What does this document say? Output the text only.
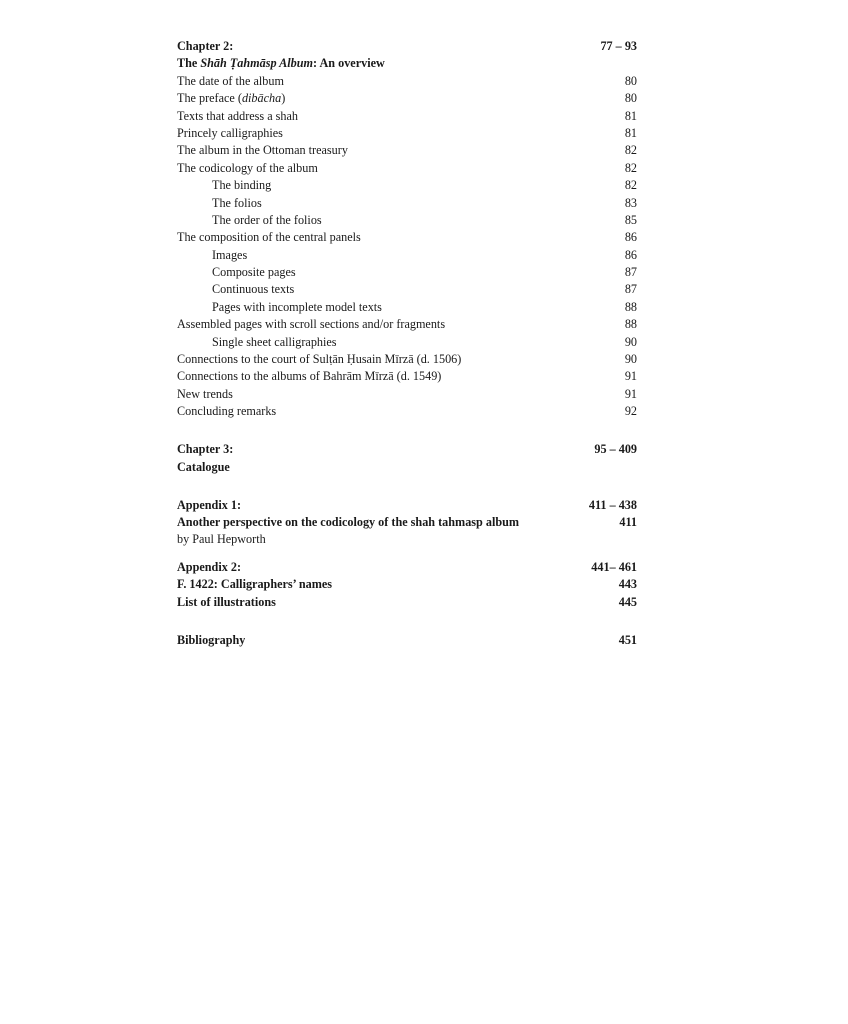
Chapter 2:	77 – 93
The Shāh Ṭahmāsp Album: An overview
The date of the album	80
The preface (dibācha)	80
Texts that address a shah	81
Princely calligraphies	81
The album in the Ottoman treasury	82
The codicology of the album	82
The binding	82
The folios	83
The order of the folios	85
The composition of the central panels	86
Images	86
Composite pages	87
Continuous texts	87
Pages with incomplete model texts	88
Assembled pages with scroll sections and/or fragments	88
Single sheet calligraphies	90
Connections to the court of Sulṭān Ḥusain Mīrzā (d. 1506)	90
Connections to the albums of Bahrām Mīrzā (d. 1549)	91
New trends	91
Concluding remarks	92
Chapter 3:	95 – 409
Catalogue
Appendix 1:	411 – 438
Another perspective on the codicology of the shah tahmasp album	411
by Paul Hepworth
Appendix 2:	441– 461
F. 1422: Calligraphers’ names	443
List of illustrations	445
Bibliography	451
